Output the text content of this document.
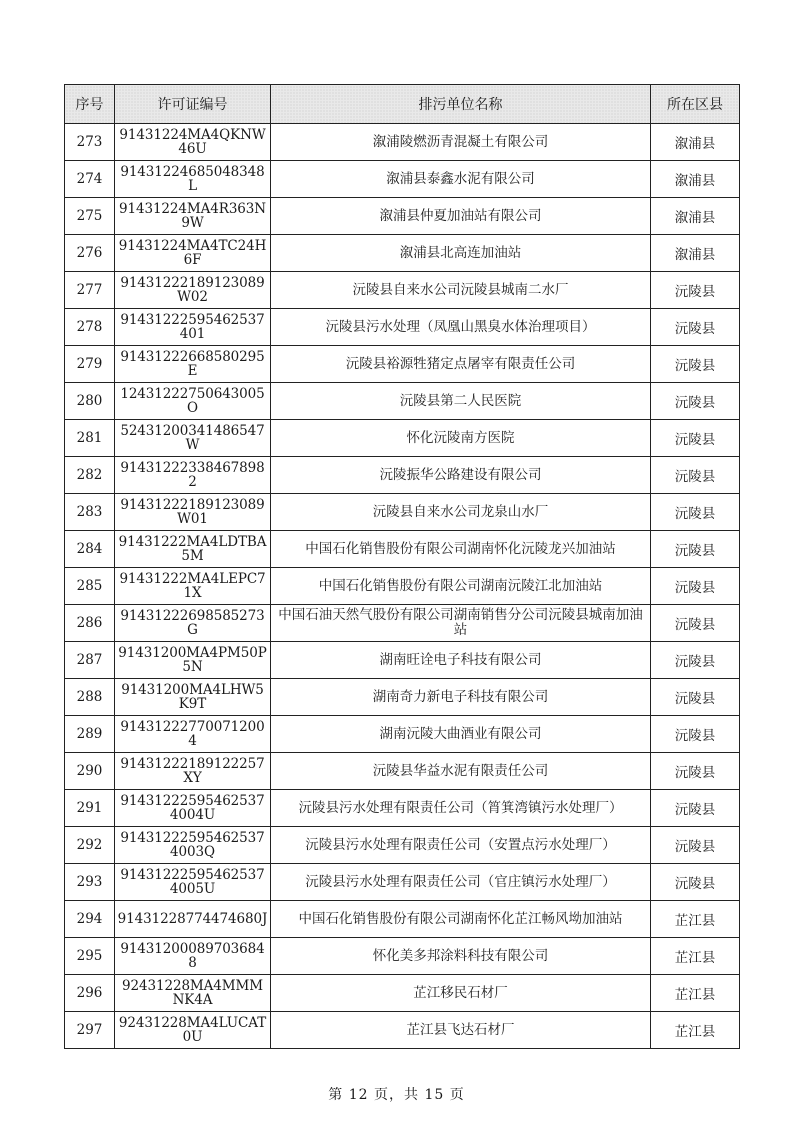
序号	许可证编号	排污单位名称	所在区县
273	91431224MA4QKNW46U	溆浦陵燃沥青混凝土有限公司	溆浦县
274	91431224685048348L	溆浦县泰鑫水泥有限公司	溆浦县
275	91431224MA4R363N9W	溆浦县仲夏加油站有限公司	溆浦县
276	91431224MA4TC24H6F	溆浦县北高连加油站	溆浦县
277	91431222189123089W02	沅陵县自来水公司沅陵县城南二水厂	沅陵县
278	91431222595462537401	沅陵县污水处理（凤凰山黑臭水体治理项目）	沅陵县
279	91431222668580295E	沅陵县裕源牲猪定点屠宰有限责任公司	沅陵县
280	12431222750643005O	沅陵县第二人民医院	沅陵县
281	52431200341486547W	怀化沅陵南方医院	沅陵县
282	914312223384678982	沅陵振华公路建设有限公司	沅陵县
283	91431222189123089W01	沅陵县自来水公司龙泉山水厂	沅陵县
284	91431222MA4LDTBA5M	中国石化销售股份有限公司湖南怀化沅陵龙兴加油站	沅陵县
285	91431222MA4LEPC71X	中国石化销售股份有限公司湖南沅陵江北加油站	沅陵县
286	91431222698585273G	中国石油天然气股份有限公司湖南销售分公司沅陵县城南加油站	沅陵县
287	91431200MA4PM50P5N	湖南旺诠电子科技有限公司	沅陵县
288	91431200MA4LHW5K9T	湖南奇力新电子科技有限公司	沅陵县
289	914312227700712004	湖南沅陵大曲酒业有限公司	沅陵县
290	91431222189122257XY	沅陵县华益水泥有限责任公司	沅陵县
291	914312225954625374004U	沅陵县污水处理有限责任公司（筲箕湾镇污水处理厂）	沅陵县
292	914312225954625374003Q	沅陵县污水处理有限责任公司（安置点污水处理厂）	沅陵县
293	914312225954625374005U	沅陵县污水处理有限责任公司（官庄镇污水处理厂）	沅陵县
294	91431228774474680J	中国石化销售股份有限公司湖南怀化芷江畅风坳加油站	芷江县
295	914312000897036848	怀化美多邦涂料科技有限公司	芷江县
296	92431228MA4MMMNK4A	芷江移民石材厂	芷江县
297	92431228MA4LUCAT0U	芷江县飞达石材厂	芷江县
第 12 页，共 15 页
